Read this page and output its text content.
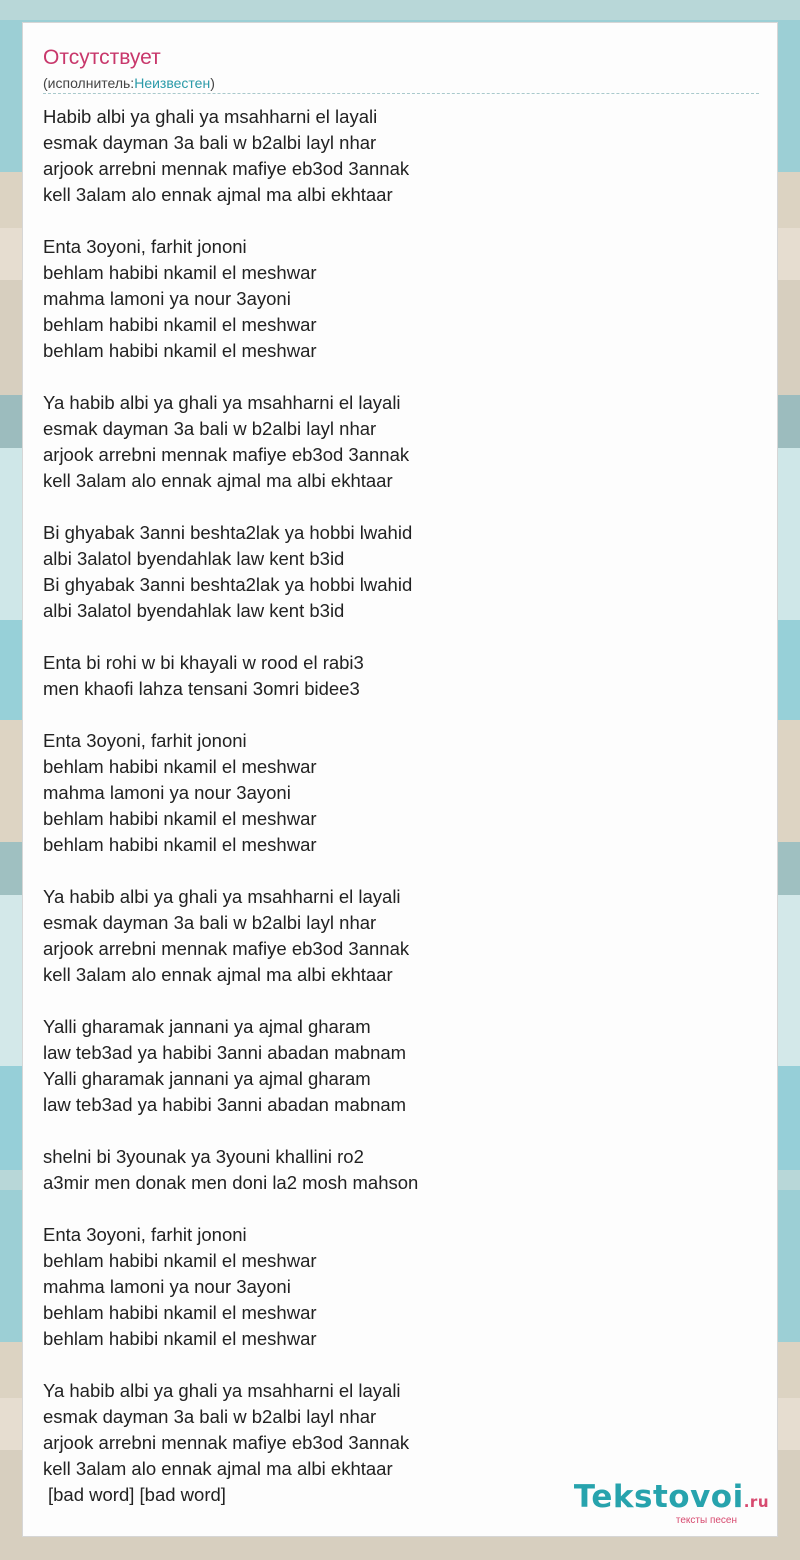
Отсутствует
(исполнитель:Неизвестен)
Habib albi ya ghali ya msahharni el layali
esmak dayman 3a bali w b2albi layl nhar
arjook arrebni mennak mafiye eb3od 3annak
kell 3alam alo ennak ajmal ma albi ekhtaar
Enta 3oyoni, farhit jononi
behlam habibi nkamil el meshwar
mahma lamoni ya nour 3ayoni
behlam habibi nkamil el meshwar
behlam habibi nkamil el meshwar
Ya habib albi ya ghali ya msahharni el layali
esmak dayman 3a bali w b2albi layl nhar
arjook arrebni mennak mafiye eb3od 3annak
kell 3alam alo ennak ajmal ma albi ekhtaar
Bi ghyabak 3anni beshta2lak ya hobbi lwahid
albi 3alatol byendahlak law kent b3id
Bi ghyabak 3anni beshta2lak ya hobbi lwahid
albi 3alatol byendahlak law kent b3id
Enta bi rohi w bi khayali w rood el rabi3
men khaofi lahza tensani 3omri bidee3
Enta 3oyoni, farhit jononi
behlam habibi nkamil el meshwar
mahma lamoni ya nour 3ayoni
behlam habibi nkamil el meshwar
behlam habibi nkamil el meshwar
Ya habib albi ya ghali ya msahharni el layali
esmak dayman 3a bali w b2albi layl nhar
arjook arrebni mennak mafiye eb3od 3annak
kell 3alam alo ennak ajmal ma albi ekhtaar
Yalli gharamak jannani ya ajmal gharam
law teb3ad ya habibi 3anni abadan mabnam
Yalli gharamak jannani ya ajmal gharam
law teb3ad ya habibi 3anni abadan mabnam
shelni bi 3younak ya 3youni khallini ro2
a3mir men donak men doni la2 mosh mahson
Enta 3oyoni, farhit jononi
behlam habibi nkamil el meshwar
mahma lamoni ya nour 3ayoni
behlam habibi nkamil el meshwar
behlam habibi nkamil el meshwar
Ya habib albi ya ghali ya msahharni el layali
esmak dayman 3a bali w b2albi layl nhar
arjook arrebni mennak mafiye eb3od 3annak
kell 3alam alo ennak ajmal ma albi ekhtaar
[bad word] [bad word]	Tekstovoi.ru
тексты песен
